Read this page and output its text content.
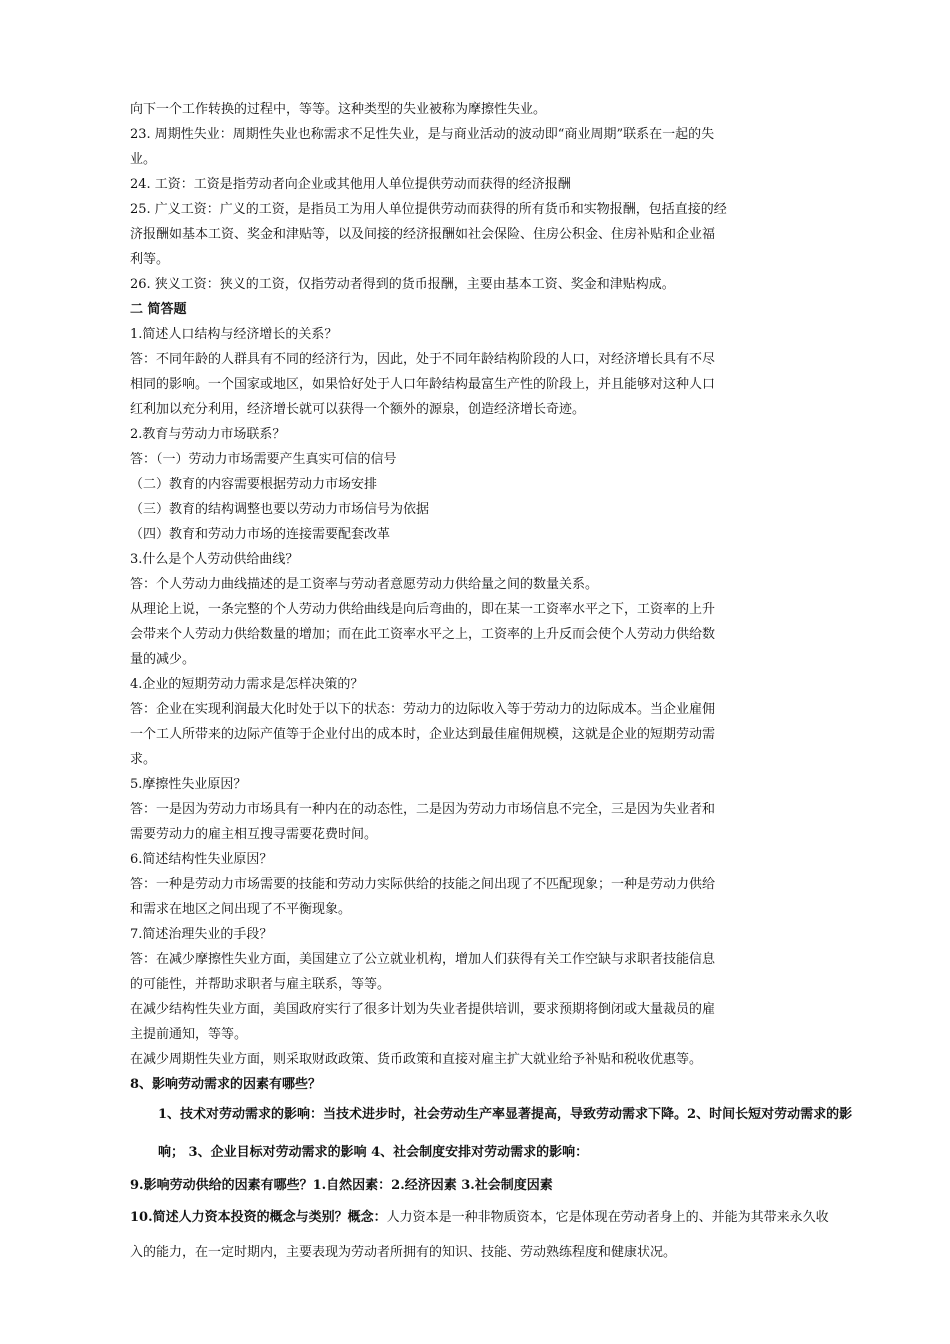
向下一个工作转换的过程中，等等。这种类型的失业被称为摩擦性失业。
23. 周期性失业：周期性失业也称需求不足性失业，是与商业活动的波动即“商业周期”联系在一起的失
业。
24. 工资：工资是指劳动者向企业或其他用人单位提供劳动而获得的经济报酬
25. 广义工资：广义的工资，是指员工为用人单位提供劳动而获得的所有货币和实物报酬，包括直接的经
济报酬如基本工资、奖金和津贴等，以及间接的经济报酬如社会保险、住房公积金、住房补贴和企业福
利等。
26. 狭义工资：狭义的工资，仅指劳动者得到的货币报酬，主要由基本工资、奖金和津贴构成。
二 简答题
1.简述人口结构与经济增长的关系？
答：不同年龄的人群具有不同的经济行为，因此，处于不同年龄结构阶段的人口，对经济增长具有不尽
相同的影响。一个国家或地区，如果恰好处于人口年龄结构最富生产性的阶段上，并且能够对这种人口
红利加以充分利用，经济增长就可以获得一个额外的源泉，创造经济增长奇迹。
2.教育与劳动力市场联系？
答：（一）劳动力市场需要产生真实可信的信号
（二）教育的内容需要根据劳动力市场安排
（三）教育的结构调整也要以劳动力市场信号为依据
（四）教育和劳动力市场的连接需要配套改革
3.什么是个人劳动供给曲线？
答：个人劳动力曲线描述的是工资率与劳动者意愿劳动力供给量之间的数量关系。
从理论上说，一条完整的个人劳动力供给曲线是向后弯曲的，即在某一工资率水平之下，工资率的上升
会带来个人劳动力供给数量的增加；而在此工资率水平之上，工资率的上升反而会使个人劳动力供给数
量的减少。
4.企业的短期劳动力需求是怎样决策的？
答：企业在实现利润最大化时处于以下的状态：劳动力的边际收入等于劳动力的边际成本。当企业雇佣
一个工人所带来的边际产值等于企业付出的成本时，企业达到最佳雇佣规模，这就是企业的短期劳动需
求。
5.摩擦性失业原因？
答：一是因为劳动力市场具有一种内在的动态性，二是因为劳动力市场信息不完全，三是因为失业者和
需要劳动力的雇主相互搜寻需要花费时间。
6.简述结构性失业原因？
答：一种是劳动力市场需要的技能和劳动力实际供给的技能之间出现了不匹配现象；一种是劳动力供给
和需求在地区之间出现了不平衡现象。
7.简述治理失业的手段？
答：在减少摩擦性失业方面，美国建立了公立就业机构，增加人们获得有关工作空缺与求职者技能信息
的可能性，并帮助求职者与雇主联系，等等。
在减少结构性失业方面，美国政府实行了很多计划为失业者提供培训，要求预期将倒闭或大量裁员的雇
主提前通知，等等。
在减少周期性失业方面，则采取财政政策、货币政策和直接对雇主扩大就业给予补贴和税收优惠等。
8、影响劳动需求的因素有哪些？
1、技术对劳动需求的影响：当技术进步时，社会劳动生产率显著提高，导致劳动需求下降。2、时间长短对劳动需求的影
响； 3、企业目标对劳动需求的影响 4、社会制度安排对劳动需求的影响：
9.影响劳动供给的因素有哪些？1.自然因素：2.经济因素 3.社会制度因素
10.简述人力资本投资的概念与类别？概念：人力资本是一种非物质资本，它是体现在劳动者身上的、并能为其带来永久收
入的能力，在一定时期内，主要表现为劳动者所拥有的知识、技能、劳动熟练程度和健康状况。
